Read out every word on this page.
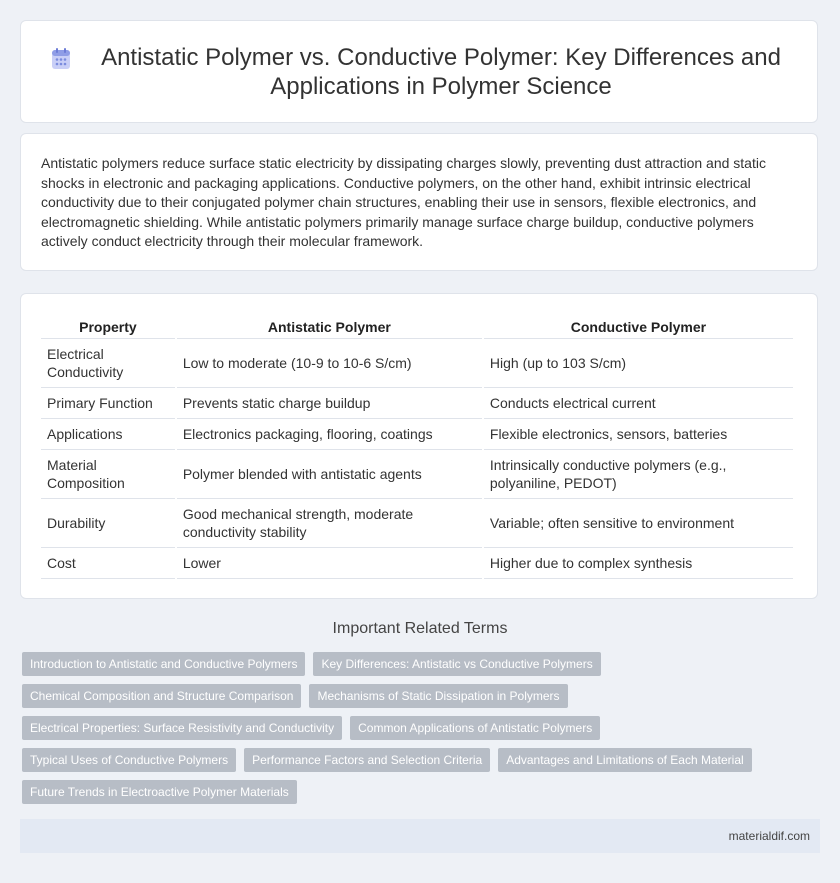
Antistatic Polymer vs. Conductive Polymer: Key Differences and Applications in Polymer Science

Antistatic polymers reduce surface static electricity by dissipating charges slowly, preventing dust attraction and static shocks in electronic and packaging applications. Conductive polymers, on the other hand, exhibit intrinsic electrical conductivity due to their conjugated polymer chain structures, enabling their use in sensors, flexible electronics, and electromagnetic shielding. While antistatic polymers primarily manage surface charge buildup, conductive polymers actively conduct electricity through their molecular framework.

Property	Antistatic Polymer	Conductive Polymer
Electrical Conductivity	Low to moderate (10-9 to 10-6 S/cm)	High (up to 103 S/cm)
Primary Function	Prevents static charge buildup	Conducts electrical current
Applications	Electronics packaging, flooring, coatings	Flexible electronics, sensors, batteries
Material Composition	Polymer blended with antistatic agents	Intrinsically conductive polymers (e.g., polyaniline, PEDOT)
Durability	Good mechanical strength, moderate conductivity stability	Variable; often sensitive to environment
Cost	Lower	Higher due to complex synthesis
Important Related Terms
Introduction to Antistatic and Conductive Polymers	Key Differences: Antistatic vs Conductive Polymers
Chemical Composition and Structure Comparison	Mechanisms of Static Dissipation in Polymers
Electrical Properties: Surface Resistivity and Conductivity	Common Applications of Antistatic Polymers
Typical Uses of Conductive Polymers	Performance Factors and Selection Criteria	Advantages and Limitations of Each Material
Future Trends in Electroactive Polymer Materials
materialdif.com
